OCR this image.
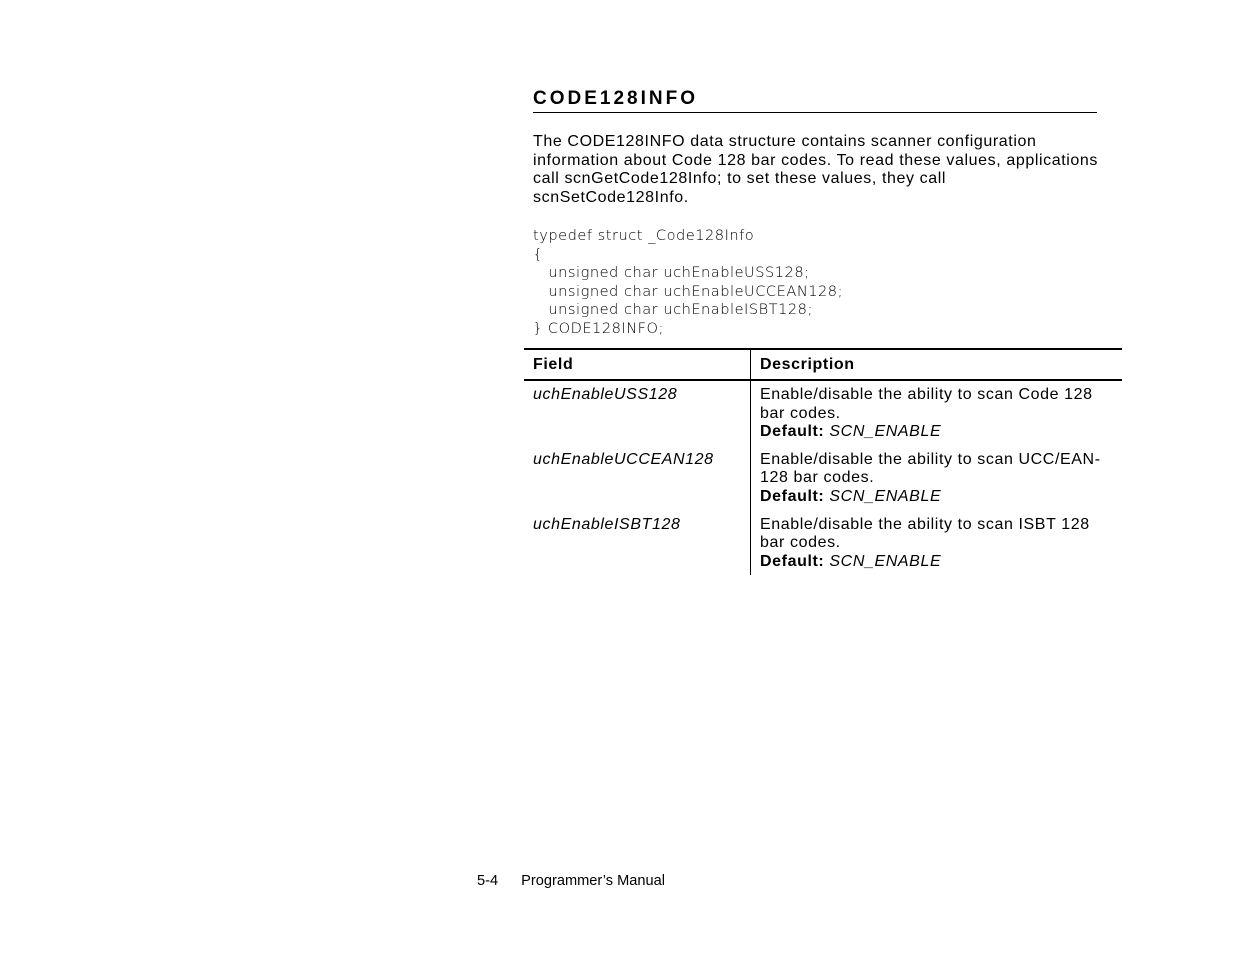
CODE128INFO

The CODE128INFO data structure contains scanner configuration information about Code 128 bar codes. To read these values, applications call scnGetCode128Info; to set these values, they call scnSetCode128Info.

typedef struct _Code128Info
{
unsigned char uchEnableUSS128;
unsigned char uchEnableUCCEAN128;
unsigned char uchEnableISBT128;
} CODE128INFO;
Field	Description
uchEnableUSS128	Enable/disable the ability to scan Code 128 bar codes.
Default: SCN_ENABLE
uchEnableUCCEAN128	Enable/disable the ability to scan UCC/EAN-128 bar codes.
Default: SCN_ENABLE
uchEnableISBT128	Enable/disable the ability to scan ISBT 128 bar codes.
Default: SCN_ENABLE
5-4 Programmer’s Manual
